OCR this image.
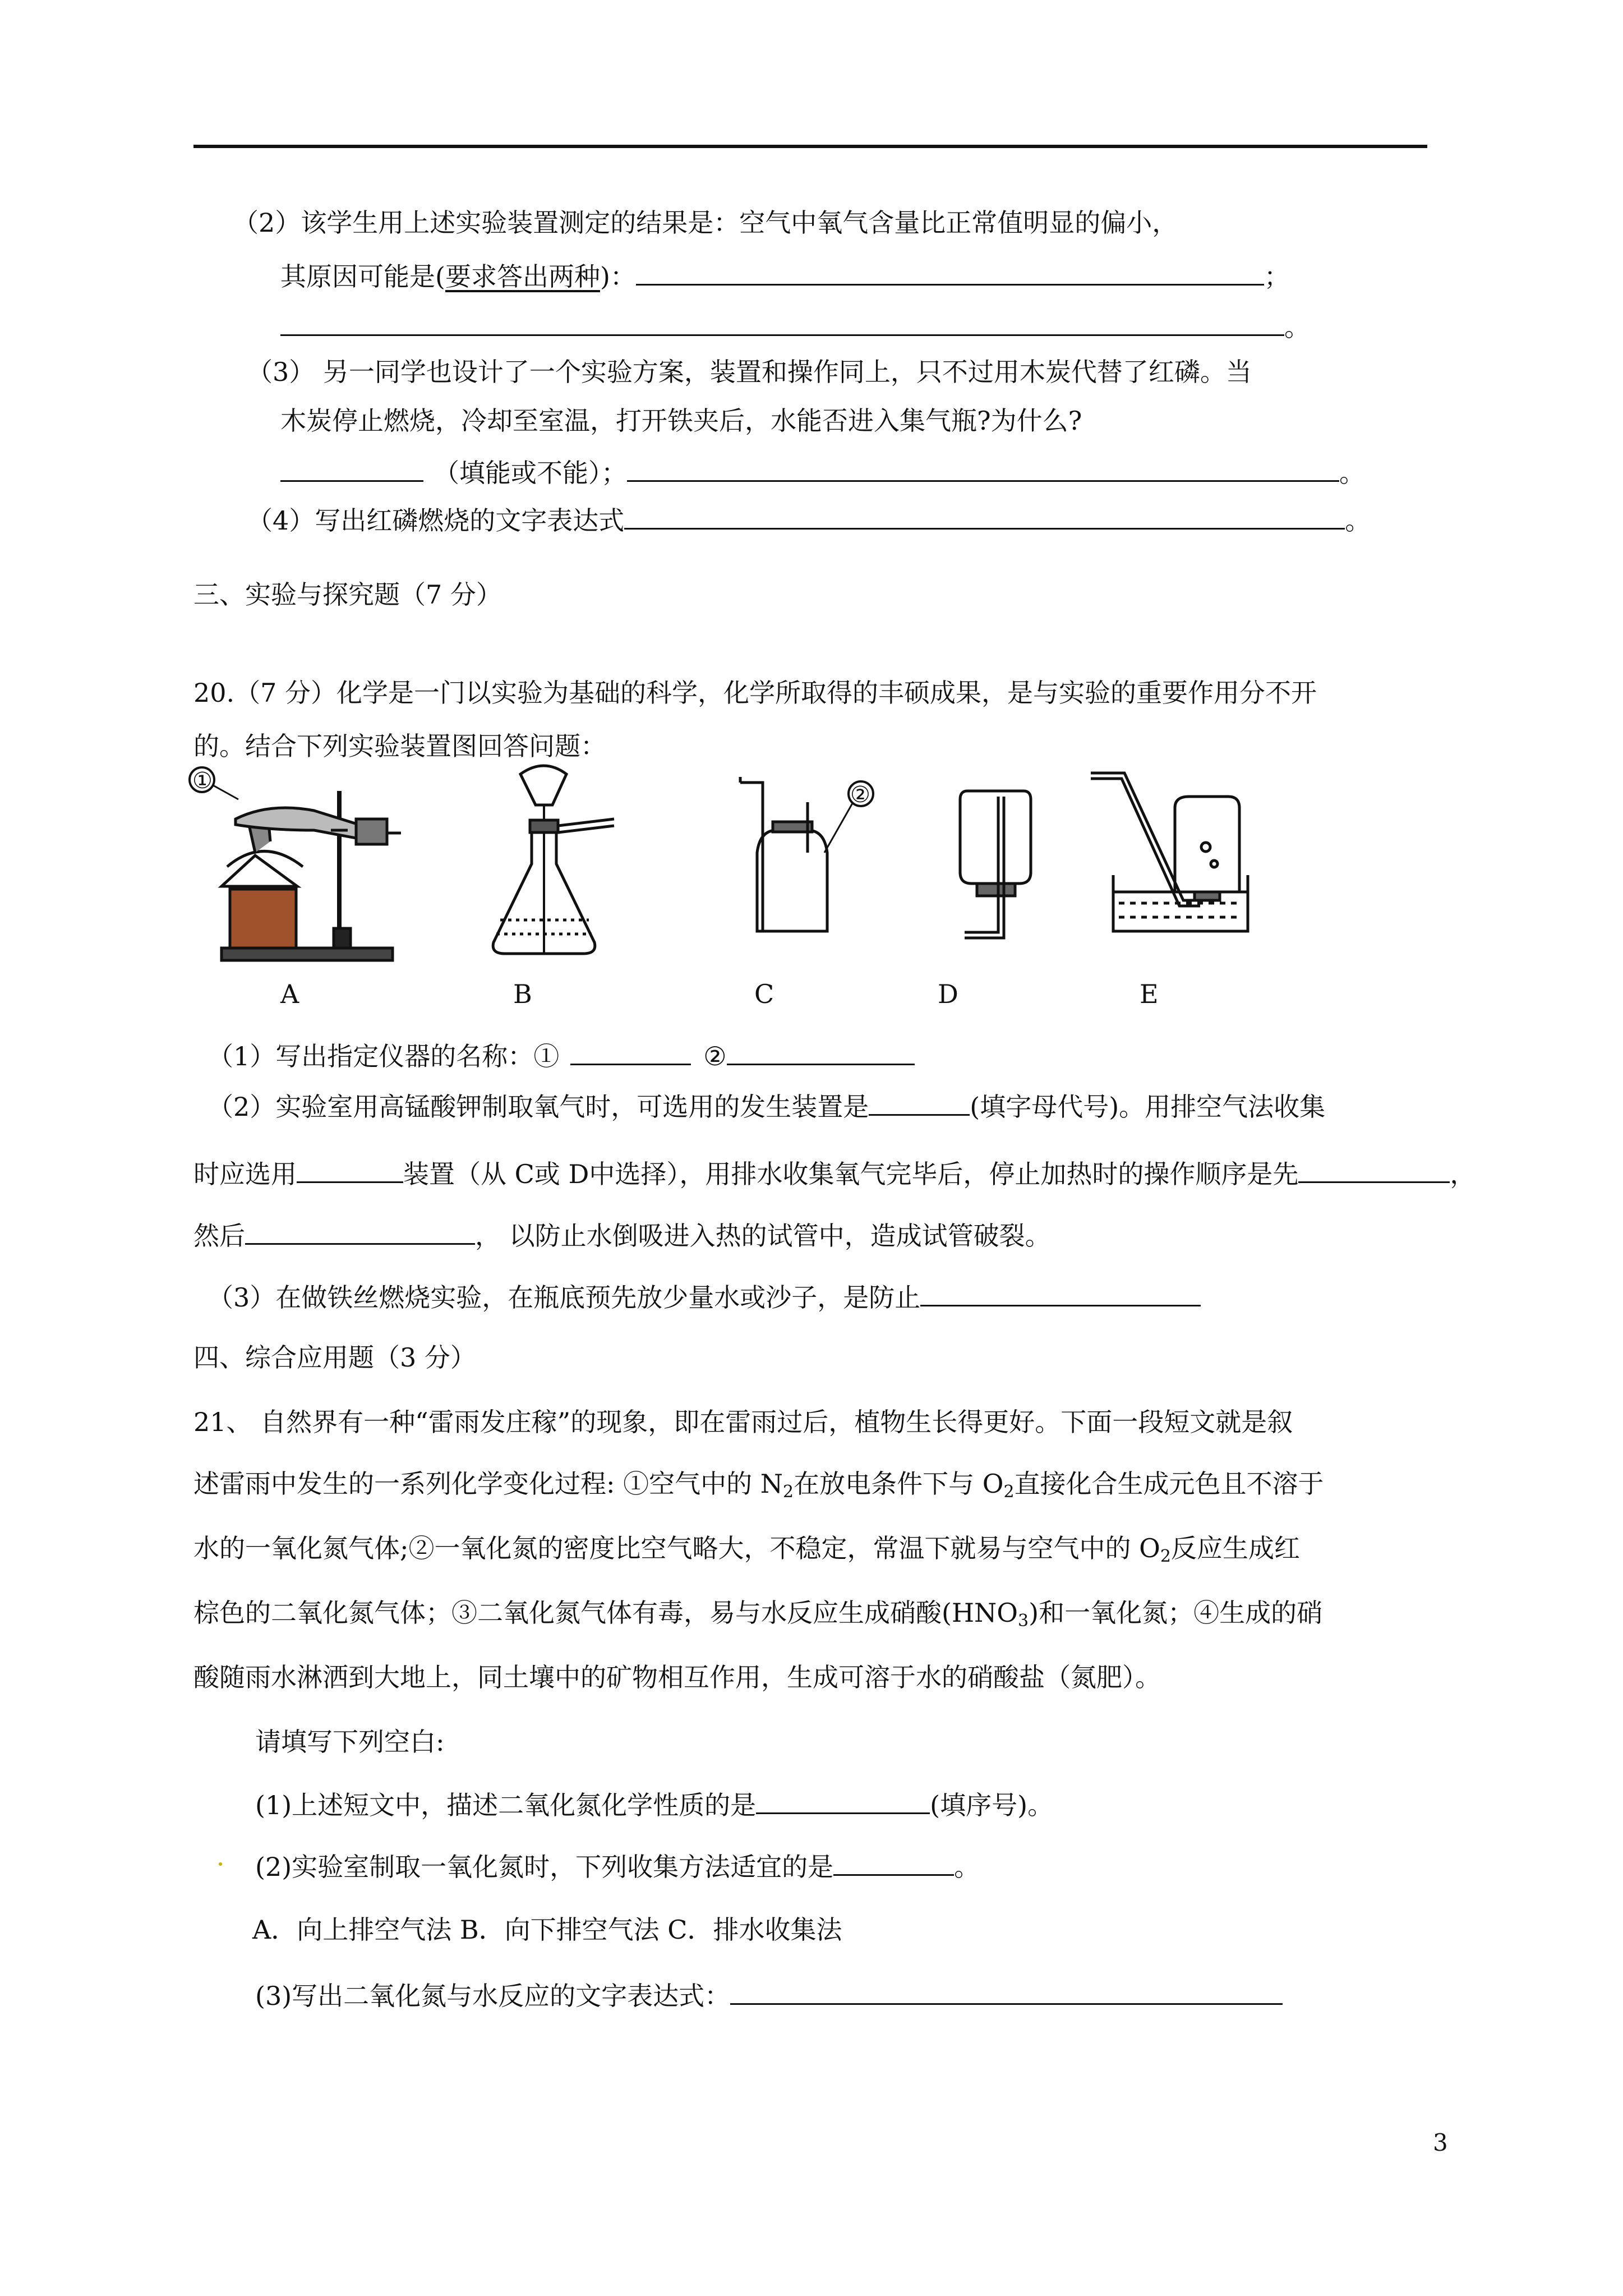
（2）该学生用上述实验装置测定的结果是：空气中氧气含量比正常值明显的偏小，
其原因可能是(要求答出两种)：	；
。
（3） 另一同学也设计了一个实验方案，装置和操作同上，只不过用木炭代替了红磷。当
木炭停止燃烧，冷却至室温，打开铁夹后，水能否进入集气瓶?为什么?
（填能或不能）；	。
（4）写出红磷燃烧的文字表达式	。
三、实验与探究题（7 分）
20.（7 分）化学是一门以实验为基础的科学，化学所取得的丰硕成果，是与实验的重要作用分不开
的。结合下列实验装置图回答问题：
①
②
A	B	C	D	E
（1）写出指定仪器的名称：①	②
（2）实验室用高锰酸钾制取氧气时，可选用的发生装置是	(填字母代号)。用排空气法收集
时应选用	装置（从 C或 D中选择），用排水收集氧气完毕后，停止加热时的操作顺序是先	，
然后	， 以防止水倒吸进入热的试管中，造成试管破裂。
（3）在做铁丝燃烧实验，在瓶底预先放少量水或沙子，是防止
四、综合应用题（3 分）
21、 自然界有一种“雷雨发庄稼”的现象，即在雷雨过后，植物生长得更好。下面一段短文就是叙
述雷雨中发生的一系列化学变化过程: ①空气中的 $N_2$在放电条件下与 $O_2$直接化合生成元色且不溶于
水的一氧化氮气体;②一氧化氮的密度比空气略大，不稳定，常温下就易与空气中的 $O_2$反应生成红
棕色的二氧化氮气体；③二氧化氮气体有毒，易与水反应生成硝酸$(HNO_3)$和一氧化氮；④生成的硝
酸随雨水淋洒到大地上，同土壤中的矿物相互作用，生成可溶于水的硝酸盐（氮肥）。
请填写下列空白:
(1)上述短文中，描述二氧化氮化学性质的是	(填序号)。
(2)实验室制取一氧化氮时，下列收集方法适宜的是	。
A．向上排空气法 B．向下排空气法 C．排水收集法
(3)写出二氧化氮与水反应的文字表达式：
3
